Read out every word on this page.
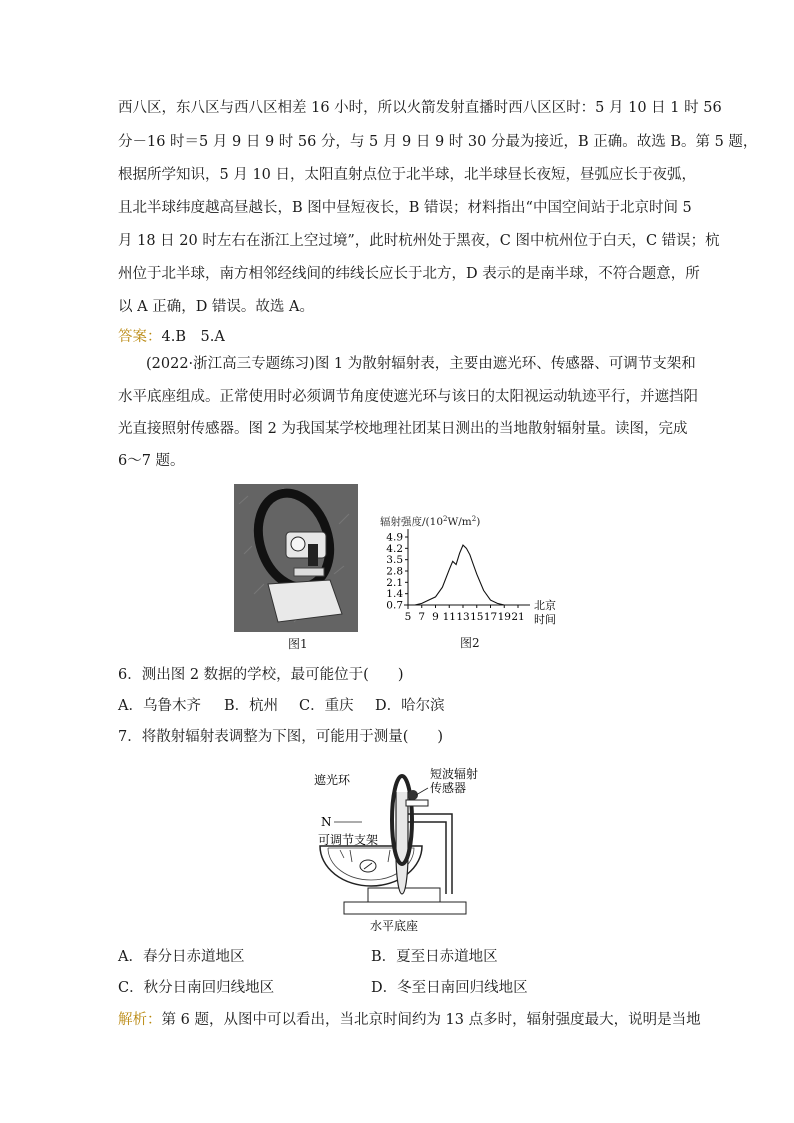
西八区，东八区与西八区相差 16 小时，所以火箭发射直播时西八区区时：5 月 10 日 1 时 56
分－16 时＝5 月 9 日 9 时 56 分，与 5 月 9 日 9 时 30 分最为接近，B 正确。故选 B。第 5 题，
根据所学知识，5 月 10 日，太阳直射点位于北半球，北半球昼长夜短，昼弧应长于夜弧，
且北半球纬度越高昼越长，B 图中昼短夜长，B 错误；材料指出“中国空间站于北京时间 5
月 18 日 20 时左右在浙江上空过境”，此时杭州处于黑夜，C 图中杭州位于白天，C 错误；杭
州位于北半球，南方相邻经线间的纬线长应长于北方，D 表示的是南半球，不符合题意，所
以 A 正确，D 错误。故选 A。
答案：4.B　5.A
(2022·浙江高三专题练习)图 1 为散射辐射表，主要由遮光环、传感器、可调节支架和
水平底座组成。正常使用时必须调节角度使遮光环与该日的太阳视运动轨迹平行，并遮挡阳
光直接照射传感器。图 2 为我国某学校地理社团某日测出的当地散射辐射量。读图，完成
6～7 题。
图1
辐射强度$/(10^2W/m^2)$
0.7
1.4
2.1
2.8
3.5
4.2
4.9
5 7 9 11 13 15 17 19 21
北京
时间
图2
6．测出图 2 数据的学校，最可能位于(　　)
A．乌鲁木齐 B．杭州 C．重庆 D．哈尔滨
7．将散射辐射表调整为下图，可能用于测量(　　)
遮光环	短波辐射
传感器
N
可调节支架
水平底座
A．春分日赤道地区	B．夏至日赤道地区
C．秋分日南回归线地区	D．冬至日南回归线地区
解析：第 6 题，从图中可以看出，当北京时间约为 13 点多时，辐射强度最大，说明是当地
